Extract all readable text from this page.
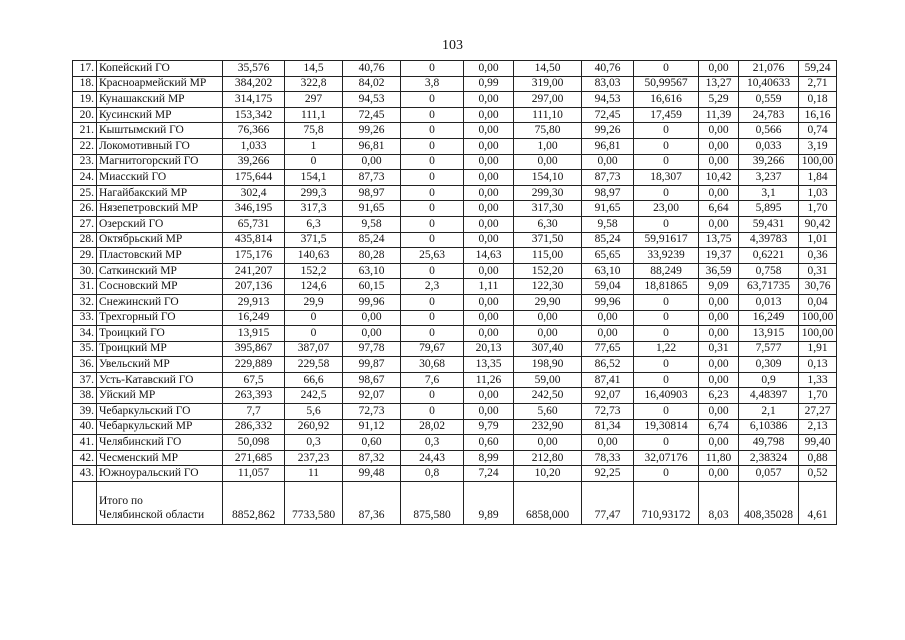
103
17.	Копейский ГО	35,576	14,5	40,76	0	0,00	14,50	40,76	0	0,00	21,076	59,24
18.	Красноармейский МР	384,202	322,8	84,02	3,8	0,99	319,00	83,03	50,99567	13,27	10,40633	2,71
19.	Кунашакский МР	314,175	297	94,53	0	0,00	297,00	94,53	16,616	5,29	0,559	0,18
20.	Кусинский МР	153,342	111,1	72,45	0	0,00	111,10	72,45	17,459	11,39	24,783	16,16
21.	Кыштымский ГО	76,366	75,8	99,26	0	0,00	75,80	99,26	0	0,00	0,566	0,74
22.	Локомотивный ГО	1,033	1	96,81	0	0,00	1,00	96,81	0	0,00	0,033	3,19
23.	Магнитогорский ГО	39,266	0	0,00	0	0,00	0,00	0,00	0	0,00	39,266	100,00
24.	Миасский ГО	175,644	154,1	87,73	0	0,00	154,10	87,73	18,307	10,42	3,237	1,84
25.	Нагайбакский МР	302,4	299,3	98,97	0	0,00	299,30	98,97	0	0,00	3,1	1,03
26.	Нязепетровский МР	346,195	317,3	91,65	0	0,00	317,30	91,65	23,00	6,64	5,895	1,70
27.	Озерский ГО	65,731	6,3	9,58	0	0,00	6,30	9,58	0	0,00	59,431	90,42
28.	Октябрьский МР	435,814	371,5	85,24	0	0,00	371,50	85,24	59,91617	13,75	4,39783	1,01
29.	Пластовский МР	175,176	140,63	80,28	25,63	14,63	115,00	65,65	33,9239	19,37	0,6221	0,36
30.	Саткинский МР	241,207	152,2	63,10	0	0,00	152,20	63,10	88,249	36,59	0,758	0,31
31.	Сосновский МР	207,136	124,6	60,15	2,3	1,11	122,30	59,04	18,81865	9,09	63,71735	30,76
32.	Снежинский ГО	29,913	29,9	99,96	0	0,00	29,90	99,96	0	0,00	0,013	0,04
33.	Трехгорный ГО	16,249	0	0,00	0	0,00	0,00	0,00	0	0,00	16,249	100,00
34.	Троицкий ГО	13,915	0	0,00	0	0,00	0,00	0,00	0	0,00	13,915	100,00
35.	Троицкий МР	395,867	387,07	97,78	79,67	20,13	307,40	77,65	1,22	0,31	7,577	1,91
36.	Увельский МР	229,889	229,58	99,87	30,68	13,35	198,90	86,52	0	0,00	0,309	0,13
37.	Усть-Катавский ГО	67,5	66,6	98,67	7,6	11,26	59,00	87,41	0	0,00	0,9	1,33
38.	Уйский МР	263,393	242,5	92,07	0	0,00	242,50	92,07	16,40903	6,23	4,48397	1,70
39.	Чебаркульский ГО	7,7	5,6	72,73	0	0,00	5,60	72,73	0	0,00	2,1	27,27
40.	Чебаркульский МР	286,332	260,92	91,12	28,02	9,79	232,90	81,34	19,30814	6,74	6,10386	2,13
41.	Челябинский ГО	50,098	0,3	0,60	0,3	0,60	0,00	0,00	0	0,00	49,798	99,40
42.	Чесменский МР	271,685	237,23	87,32	24,43	8,99	212,80	78,33	32,07176	11,80	2,38324	0,88
43.	Южноуральский ГО	11,057	11	99,48	0,8	7,24	10,20	92,25	0	0,00	0,057	0,52

	Итого по
Челябинской области	8852,862	7733,580	87,36	875,580	9,89	6858,000	77,47	710,93172	8,03	408,35028	4,61
